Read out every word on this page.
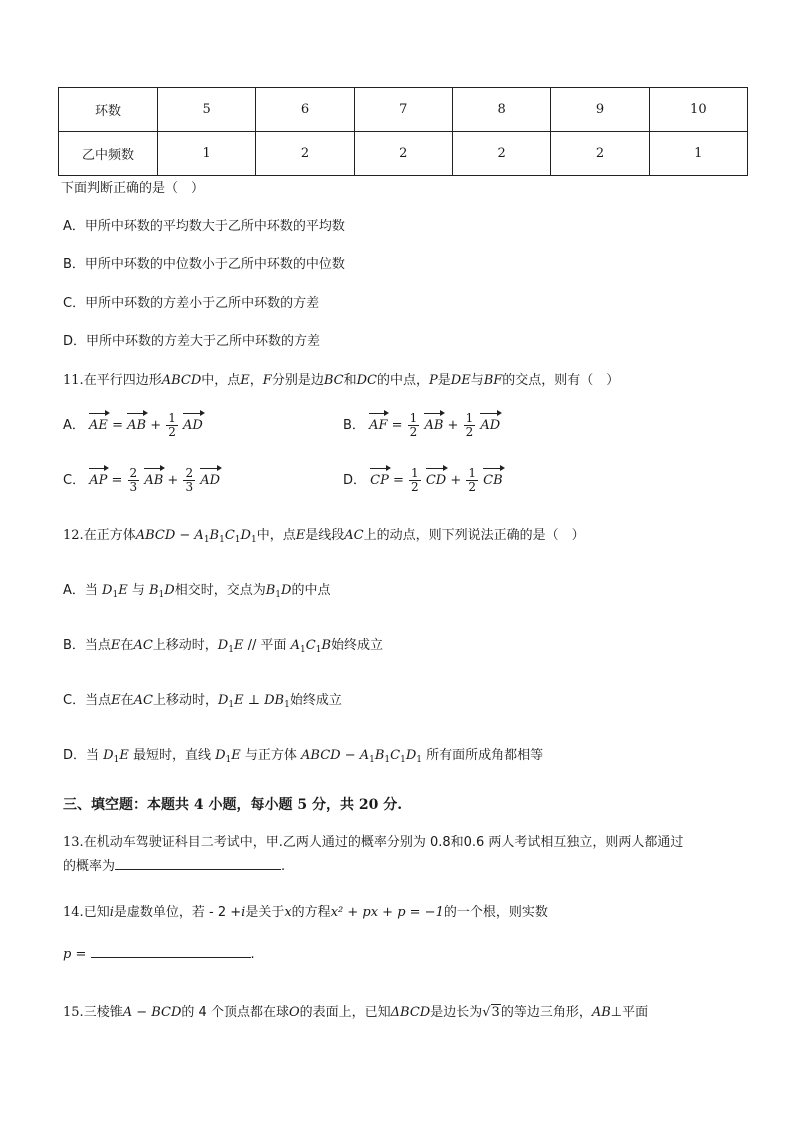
环数	5	6	7	8	9	10
乙中频数	1	2	2	2	2	1
下面判断正确的是（　）
A．甲所中环数的平均数大于乙所中环数的平均数
B．甲所中环数的中位数小于乙所中环数的中位数
C．甲所中环数的方差小于乙所中环数的方差
D．甲所中环数的方差大于乙所中环数的方差
11.在平行四边形ABCD中，点E，F分别是边BC和DC的中点，P是DE与BF的交点，则有（　）
A． AE = AB + $\frac{1}{2}$ AD	B． AF = $\frac{1}{2}$ AB + $\frac{1}{2}$ AD
C． AP = $\frac{2}{3}$ AB + $\frac{2}{3}$ AD	D． CP = $\frac{1}{2}$ CD + $\frac{1}{2}$ CB
12.在正方体ABCD − $A_1B_1C_1D_1$中，点E是线段AC上的动点，则下列说法正确的是（　）
A．当 $D_1E$ 与 $B_1D$相交时，交点为$B_1D$的中点
B．当点E在AC上移动时，$D_1E$ // 平面 $A_1C_1B$始终成立
C．当点E在AC上移动时，$D_1E$ ⊥ $DB_1$始终成立
D．当 $D_1E$ 最短时，直线 $D_1E$ 与正方体 ABCD − $A_1B_1C_1D_1$ 所有面所成角都相等
三、填空题：本题共 4 小题，每小题 5 分，共 20 分.
13.在机动车驾驶证科目二考试中，甲.乙两人通过的概率分别为 0.8和0.6 两人考试相互独立，则两人都通过
的概率为	.
14.已知i是虚数单位，若 - 2 +i是关于x的方程x² + px + p = −1的一个根，则实数
p =	.
15.三棱锥A − BCD的 4 个顶点都在球O的表面上，已知ΔBCD是边长为√3的等边三角形，AB⊥平面
